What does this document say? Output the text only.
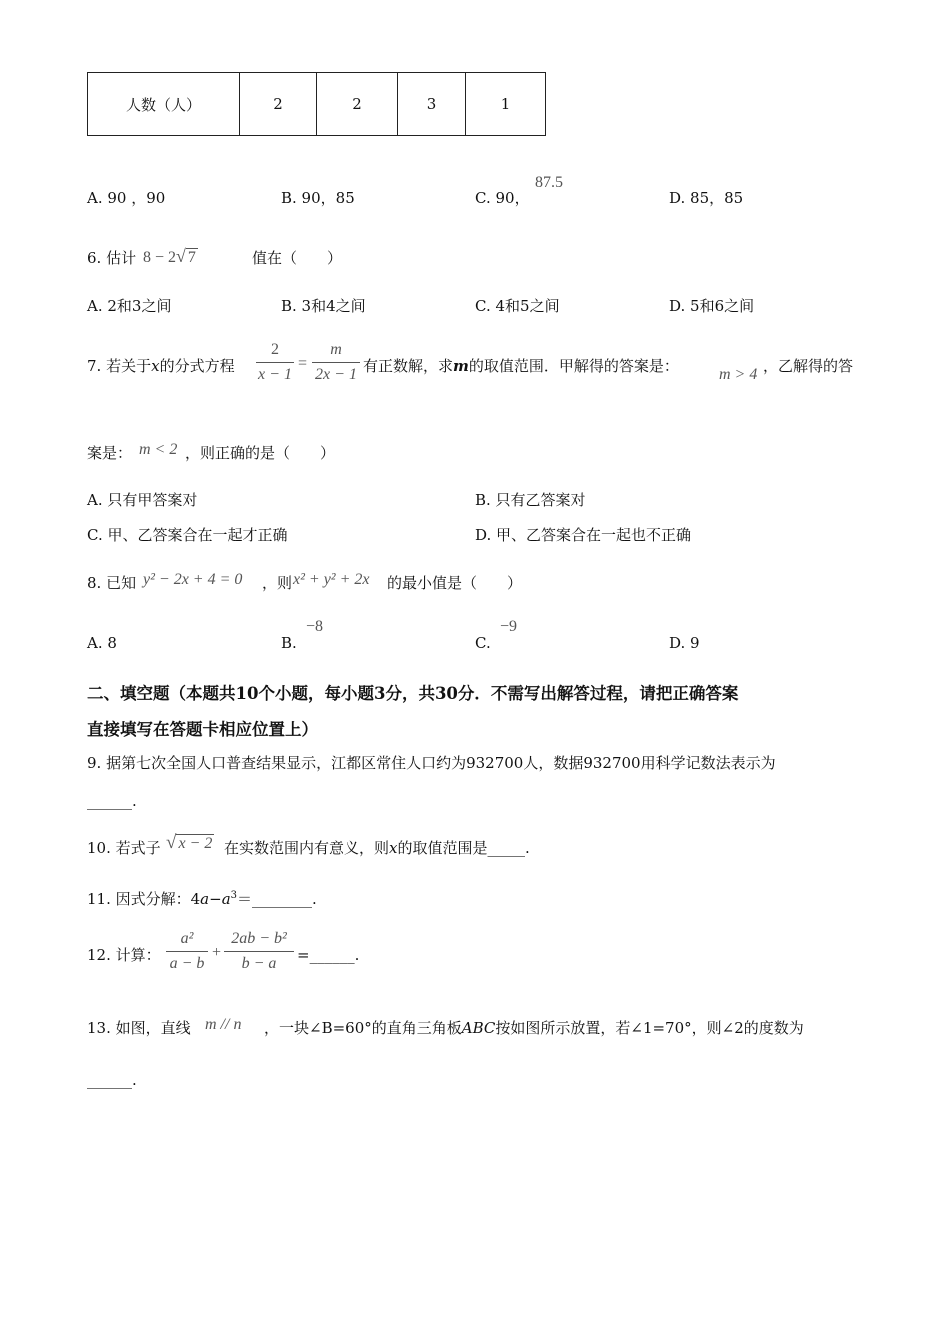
人数（人）	2	2	3	1
A. 90 ，90	B. 90，85	C. 90，
87.5
D. 85，85
6. 估计 8 − 2√ 7	值在（　　）
A. 2和3之间	B. 3和4之间	C. 4和5之间	D. 5和6之间
7. 若关于x的分式方程 $\frac{2}{x - 1} = \frac{m}{2x - 1}$ 有正数解，求m的取值范围．甲解得的答案是：	m > 4 ，乙解得的答
案是： m < 2 ，则正确的是（　　）
A. 只有甲答案对	B. 只有乙答案对
C. 甲、乙答案合在一起才正确	D. 甲、乙答案合在一起也不正确
8. 已知 y² − 2x + 4 = 0 ，则 x² + y² + 2x 的最小值是（　　）
A. 8	B.
−8
C.
−9
D. 9
二、填空题（本题共10个小题，每小题3分，共30分．不需写出解答过程，请把正确答案
直接填写在答题卡相应位置上）
9. 据第七次全国人口普查结果显示，江都区常住人口约为932700人，数据932700用科学记数法表示为
______.
10. 若式子 √ x − 2 在实数范围内有意义，则x的取值范围是_____.
11. 因式分解：$4a-a^3=\_\_\_\_\_\_\_\_$.
12. 计算： $\frac{\text{a²}}{a - b} + \frac{\text{2ab − b²}}{b - a}$ =______.
13. 如图，直线 m // n ，一块∠B=60°的直角三角板ABC按如图所示放置，若∠1=70°，则∠2的度数为
______.
